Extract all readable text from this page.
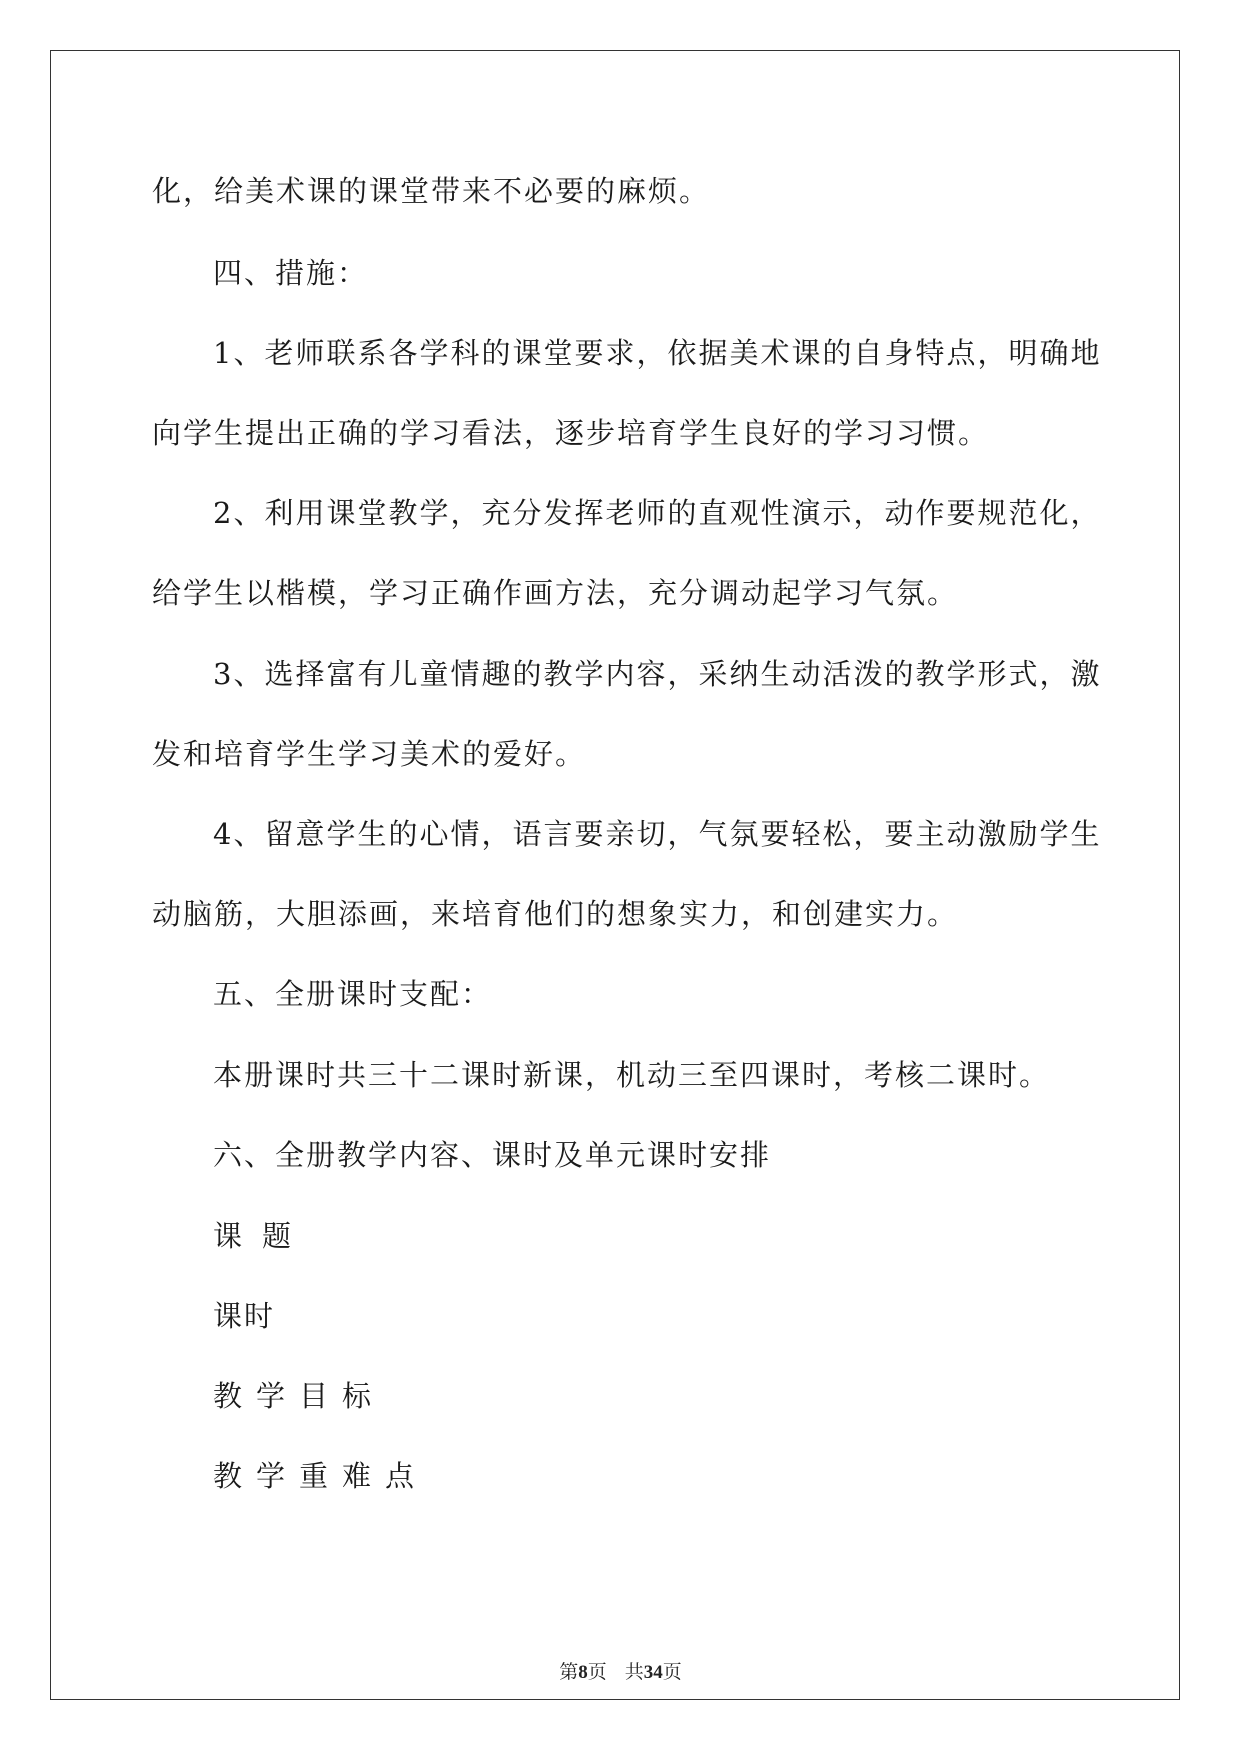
化，给美术课的课堂带来不必要的麻烦。
四、措施：
1、老师联系各学科的课堂要求，依据美术课的自身特点，明确地
向学生提出正确的学习看法，逐步培育学生良好的学习习惯。
2、利用课堂教学，充分发挥老师的直观性演示，动作要规范化，
给学生以楷模，学习正确作画方法，充分调动起学习气氛。
3、选择富有儿童情趣的教学内容，采纳生动活泼的教学形式，激
发和培育学生学习美术的爱好。
4、留意学生的心情，语言要亲切，气氛要轻松，要主动激励学生
动脑筋，大胆添画，来培育他们的想象实力，和创建实力。
五、全册课时支配：
本册课时共三十二课时新课，机动三至四课时，考核二课时。
六、全册教学内容、课时及单元课时安排
课题
课时
教学目标
教学重难点
第8页 共34页
